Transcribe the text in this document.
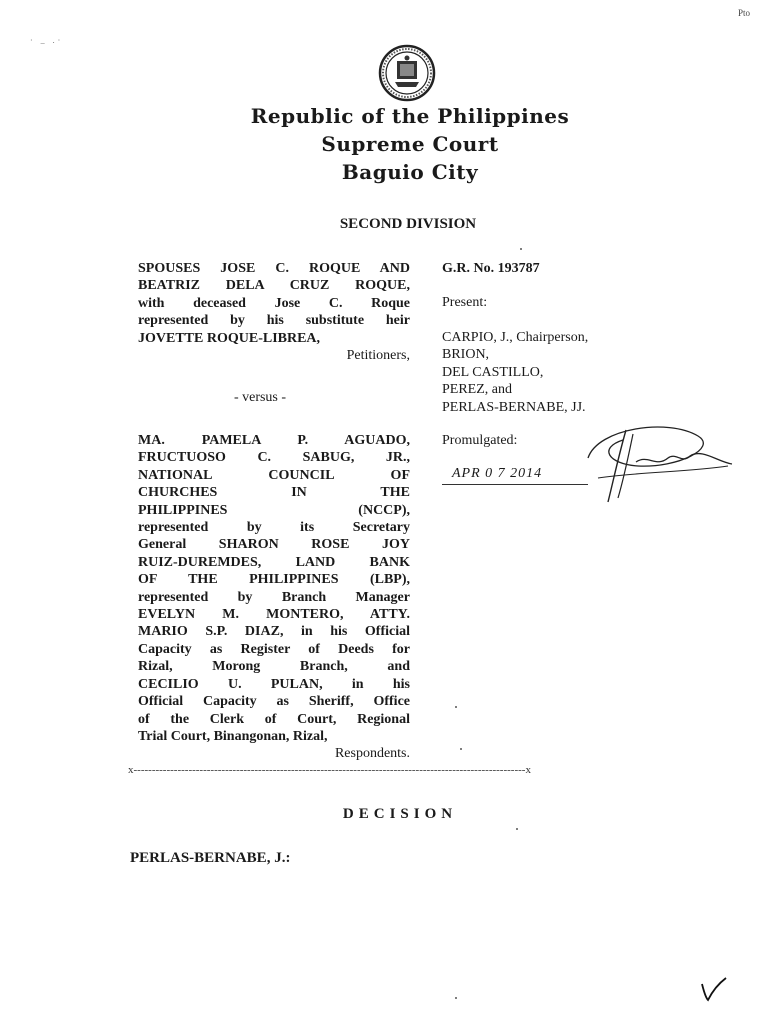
Pto
· _ .·
Republic of the Philippines
Supreme Court
Baguio City
SECOND DIVISION
SPOUSES JOSE C. ROQUE AND
BEATRIZ DELA CRUZ ROQUE,
with deceased Jose C. Roque
represented by his substitute heir
JOVETTE ROQUE-LIBREA,
Petitioners,
- versus -
MA. PAMELA P. AGUADO,
FRUCTUOSO C. SABUG, JR.,
NATIONAL COUNCIL OF
CHURCHES IN THE
PHILIPPINES (NCCP),
represented by its Secretary
General SHARON ROSE JOY
RUIZ-DUREMDES, LAND BANK
OF THE PHILIPPINES (LBP),
represented by Branch Manager
EVELYN M. MONTERO, ATTY.
MARIO S.P. DIAZ, in his Official
Capacity as Register of Deeds for
Rizal, Morong Branch, and
CECILIO U. PULAN, in his
Official Capacity as Sheriff, Office
of the Clerk of Court, Regional
Trial Court, Binangonan, Rizal,
Respondents.
G.R. No. 193787
Present:
CARPIO, J., Chairperson,
BRION,
DEL CASTILLO,
PEREZ, and
PERLAS-BERNABE, JJ.
Promulgated:
APR 0 7 2014
x-----------------------------------------------------------------------------------------------------------x
DECISION
PERLAS-BERNABE, J.:
